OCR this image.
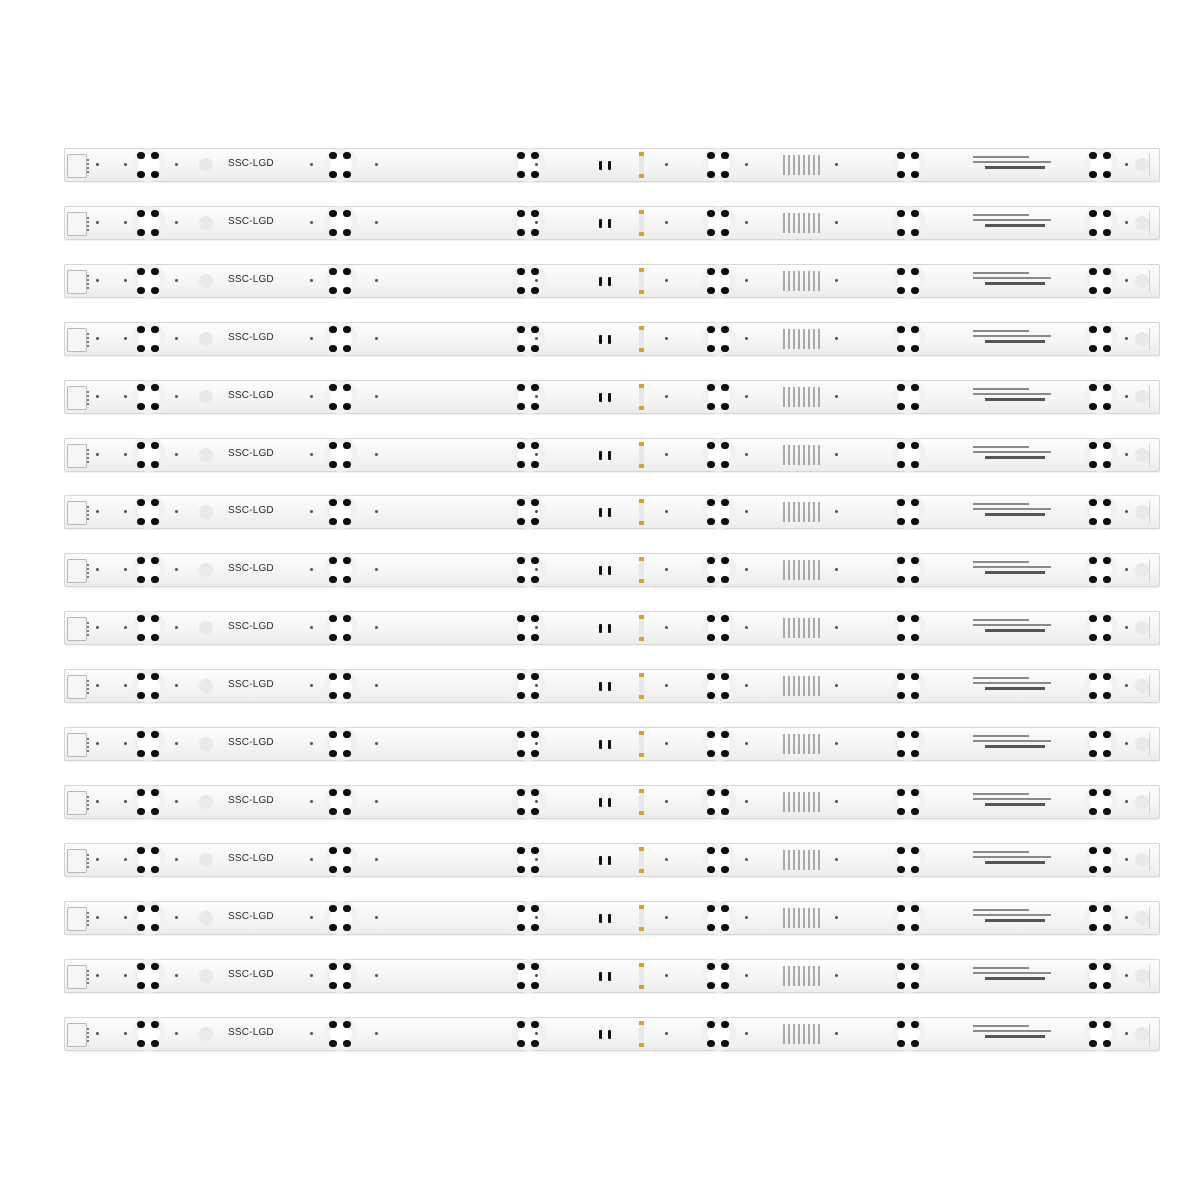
SSC-LGD
SSC-LGD
SSC-LGD
SSC-LGD
SSC-LGD
SSC-LGD
SSC-LGD
SSC-LGD
SSC-LGD
SSC-LGD
SSC-LGD
SSC-LGD
SSC-LGD
SSC-LGD
SSC-LGD
SSC-LGD
